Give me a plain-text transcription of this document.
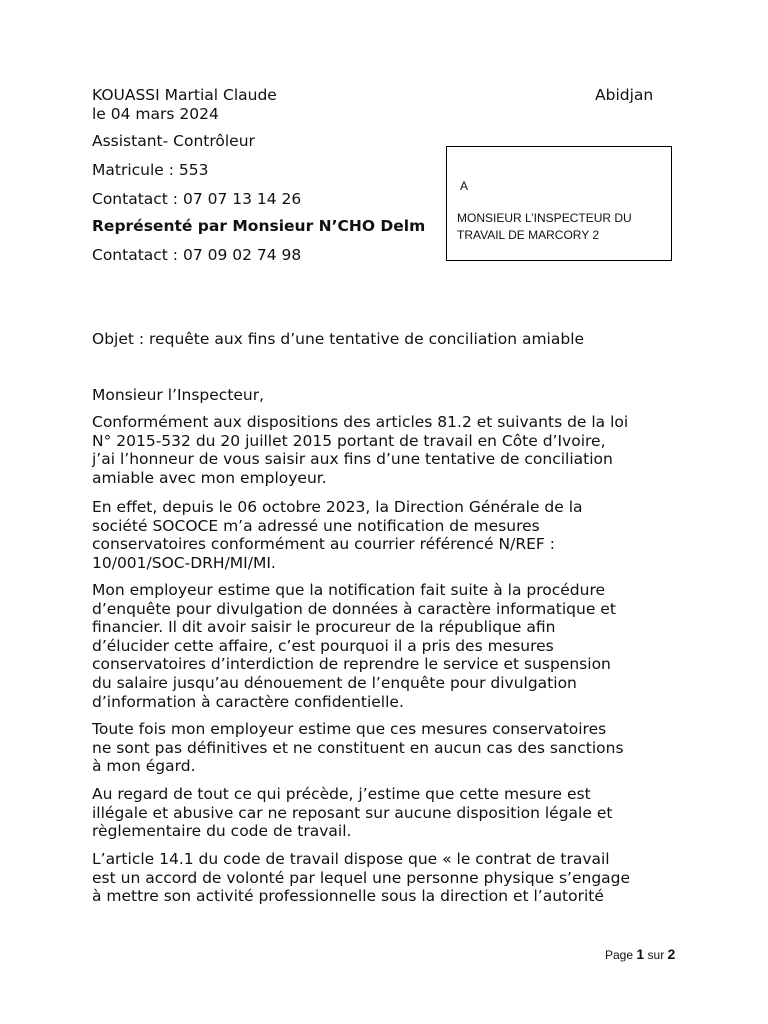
KOUASSI Martial Claude	Abidjan
le 04 mars 2024
Assistant- Contrôleur
Matricule : 553
Contatact : 07 07 13 14 26
Représenté par Monsieur N’CHO Delm
Contatact : 07 09 02 74 98
A
MONSIEUR L’INSPECTEUR DU
TRAVAIL DE MARCORY 2
Objet : requête aux fins d’une tentative de conciliation amiable
Monsieur l’Inspecteur,
Conformément aux dispositions des articles 81.2 et suivants de la loi
N° 2015-532 du 20 juillet 2015 portant de travail en Côte d’Ivoire,
j’ai l’honneur de vous saisir aux fins d’une tentative de conciliation
amiable avec mon employeur.
En effet, depuis le 06 octobre 2023, la Direction Générale de la
société SOCOCE m’a adressé une notification de mesures
conservatoires conformément au courrier référencé N/REF :
10/001/SOC-DRH/MI/MI.
Mon employeur estime que la notification fait suite à la procédure
d’enquête pour divulgation de données à caractère informatique et
financier. Il dit avoir saisir le procureur de la république afin
d’élucider cette affaire, c’est pourquoi il a pris des mesures
conservatoires d’interdiction de reprendre le service et suspension
du salaire jusqu’au dénouement de l’enquête pour divulgation
d’information à caractère confidentielle.
Toute fois mon employeur estime que ces mesures conservatoires
ne sont pas définitives et ne constituent en aucun cas des sanctions
à mon égard.
Au regard de tout ce qui précède, j’estime que cette mesure est
illégale et abusive car ne reposant sur aucune disposition légale et
règlementaire du code de travail.
L’article 14.1 du code de travail dispose que « le contrat de travail
est un accord de volonté par lequel une personne physique s’engage
à mettre son activité professionnelle sous la direction et l’autorité
Page 1 sur 2
